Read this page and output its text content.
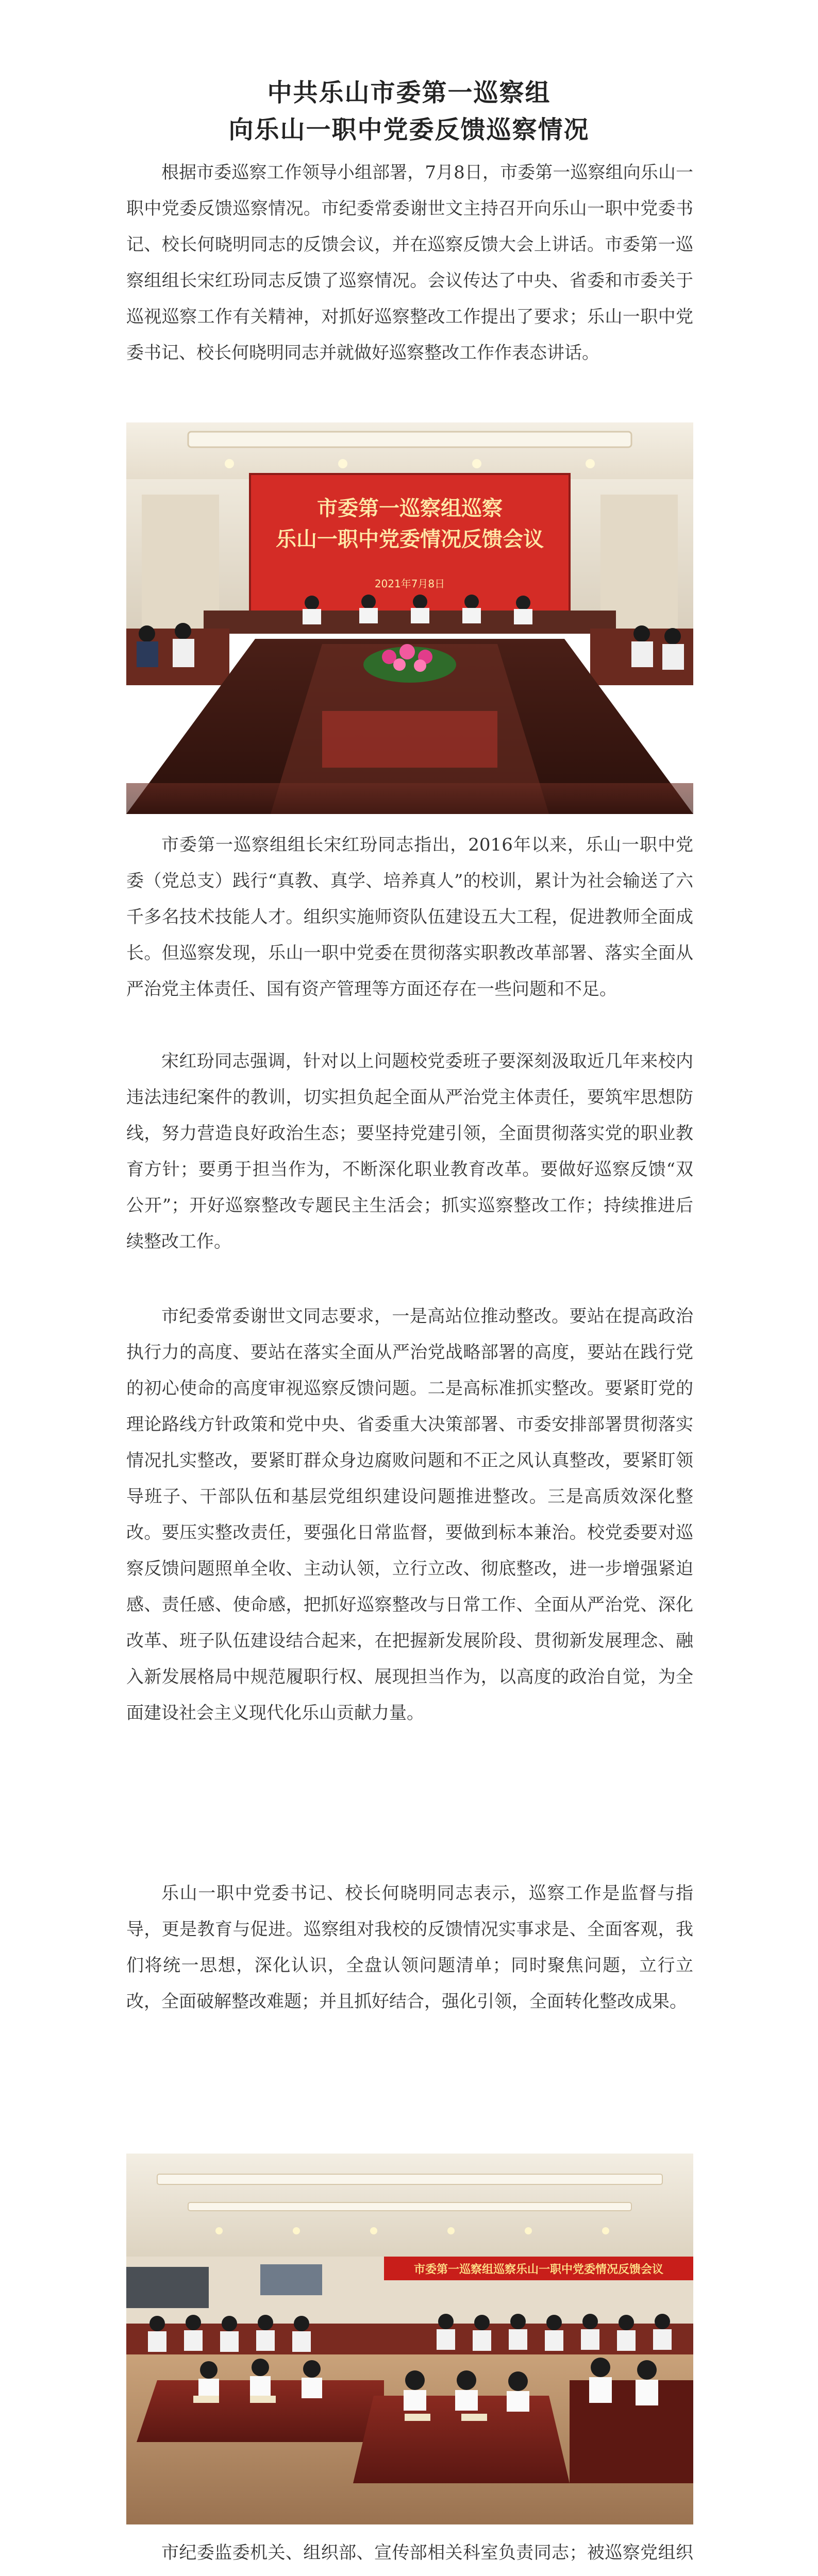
中共乐山市委第一巡察组
向乐山一职中党委反馈巡察情况

根据市委巡察工作领导小组部署，7月8日，市委第一巡察组向乐山一职中党委反馈巡察情况。市纪委常委谢世文主持召开向乐山一职中党委书记、校长何晓明同志的反馈会议，并在巡察反馈大会上讲话。市委第一巡察组组长宋红玢同志反馈了巡察情况。会议传达了中央、省委和市委关于巡视巡察工作有关精神，对抓好巡察整改工作提出了要求；乐山一职中党委书记、校长何晓明同志并就做好巡察整改工作作表态讲话。

市委第一巡察组巡察
乐山一职中党委情况反馈会议
2021年7月8日

市委第一巡察组组长宋红玢同志指出，2016年以来，乐山一职中党委（党总支）践行“真教、真学、培养真人”的校训，累计为社会输送了六千多名技术技能人才。组织实施师资队伍建设五大工程，促进教师全面成长。但巡察发现，乐山一职中党委在贯彻落实职教改革部署、落实全面从严治党主体责任、国有资产管理等方面还存在一些问题和不足。

宋红玢同志强调，针对以上问题校党委班子要深刻汲取近几年来校内违法违纪案件的教训，切实担负起全面从严治党主体责任，要筑牢思想防线，努力营造良好政治生态；要坚持党建引领，全面贯彻落实党的职业教育方针；要勇于担当作为，不断深化职业教育改革。要做好巡察反馈“双公开”；开好巡察整改专题民主生活会；抓实巡察整改工作；持续推进后续整改工作。

市纪委常委谢世文同志要求，一是高站位推动整改。要站在提高政治执行力的高度、要站在落实全面从严治党战略部署的高度，要站在践行党的初心使命的高度审视巡察反馈问题。二是高标准抓实整改。要紧盯党的理论路线方针政策和党中央、省委重大决策部署、市委安排部署贯彻落实情况扎实整改，要紧盯群众身边腐败问题和不正之风认真整改，要紧盯领导班子、干部队伍和基层党组织建设问题推进整改。三是高质效深化整改。要压实整改责任，要强化日常监督，要做到标本兼治。校党委要对巡察反馈问题照单全收、主动认领，立行立改、彻底整改，进一步增强紧迫感、责任感、使命感，把抓好巡察整改与日常工作、全面从严治党、深化改革、班子队伍建设结合起来，在把握新发展阶段、贯彻新发展理念、融入新发展格局中规范履职行权、展现担当作为，以高度的政治自觉，为全面建设社会主义现代化乐山贡献力量。

乐山一职中党委书记、校长何晓明同志表示，巡察工作是监督与指导，更是教育与促进。巡察组对我校的反馈情况实事求是、全面客观，我们将统一思想，深化认识，全盘认领问题清单；同时聚焦问题，立行立改，全面破解整改难题；并且抓好结合，强化引领，全面转化整改成果。

市委第一巡察组巡察乐山一职中党委情况反馈会议

市纪委监委机关、组织部、宣传部相关科室负责同志；被巡察党组织
